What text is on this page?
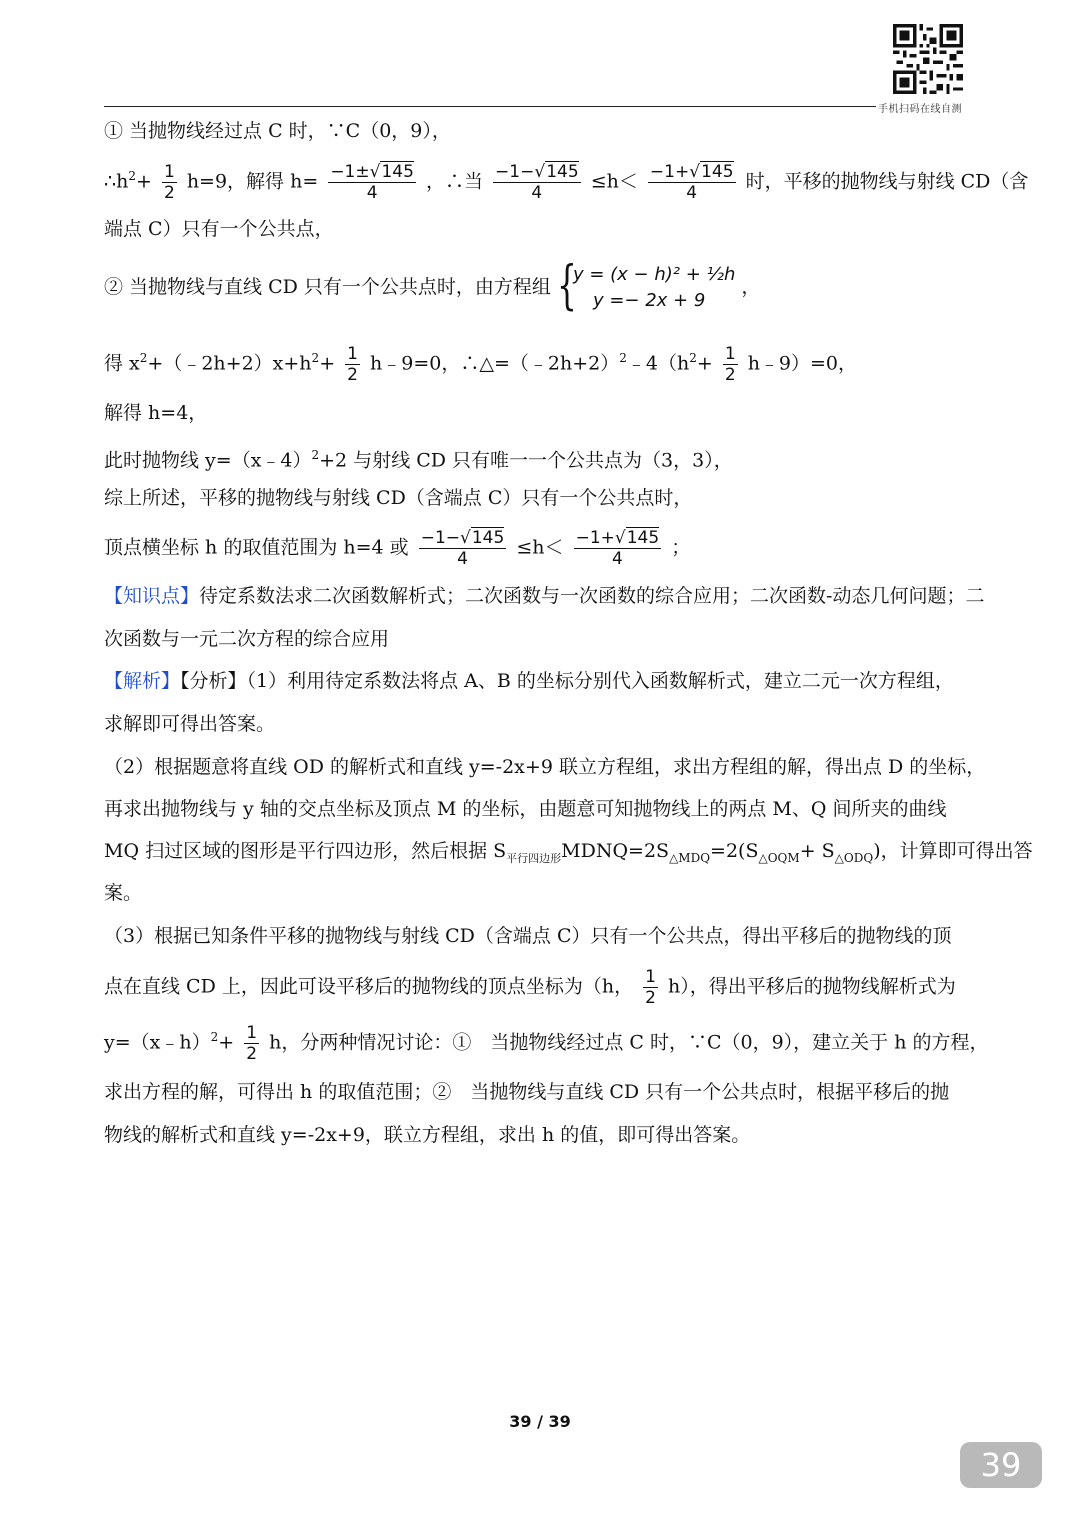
手机扫码在线自测
① 当抛物线经过点 C 时，∵C（0，9），
$\therefore h^2+ \frac{1}{2} h=9$，解得 $h= \frac{-1\pm√145}{4}$ ，∴当 $\frac{-1-√145}{4} \le h< \frac{-1+√145}{4}$ 时，平移的抛物线与射线 CD（含
端点 C）只有一个公共点，
② 当抛物线与直线 CD 只有一个公共点时，由方程组 {
y = (x − h)² + ½h
y =− 2x + 9
，
得 $x^2+(﹣2h+2)x+h^2+ \frac{1}{2}$ h﹣9=0，$\therefore\triangle=(﹣2h+2)^2﹣4(h^2+ \frac{1}{2}$ h﹣9）=0，
解得 h=4，
此时抛物线 y=（x﹣4）$^2$+2 与射线 CD 只有唯一一个公共点为（3，3），
综上所述，平移的抛物线与射线 CD（含端点 C）只有一个公共点时，
顶点横坐标 h 的取值范围为 h=4 或 $\frac{-1-√145}{4} \le h< \frac{-1+√145}{4}$ ；
【知识点】待定系数法求二次函数解析式；二次函数与一次函数的综合应用；二次函数-动态几何问题；二
次函数与一元二次方程的综合应用
【解析】【分析】（1）利用待定系数法将点 A、B 的坐标分别代入函数解析式，建立二元一次方程组，
求解即可得出答案。
（2）根据题意将直线 OD 的解析式和直线 y=-2x+9 联立方程组，求出方程组的解，得出点 D 的坐标，
再求出抛物线与 y 轴的交点坐标及顶点 M 的坐标，由题意可知抛物线上的两点 M、Q 间所夹的曲线
MQ 扫过区域的图形是平行四边形，然后根据 $S_{平行四边形}MDNQ=2S_{\triangle MDQ}=2(S_{\triangle OQM}+ S_{\triangle ODQ})$，计算即可得出答
案。
（3）根据已知条件平移的抛物线与射线 CD（含端点 C）只有一个公共点，得出平移后的抛物线的顶
点在直线 CD 上，因此可设平移后的抛物线的顶点坐标为（h， $\frac{1}{2} h$），得出平移后的抛物线解析式为
y=（x﹣h）$^2$+ $\frac{1}{2}$ h，分两种情况讨论：①　当抛物线经过点 C 时，∵C（0，9），建立关于 h 的方程，
求出方程的解，可得出 h 的取值范围；②　当抛物线与直线 CD 只有一个公共点时，根据平移后的抛
物线的解析式和直线 y=-2x+9，联立方程组，求出 h 的值，即可得出答案。
39 / 39
39
